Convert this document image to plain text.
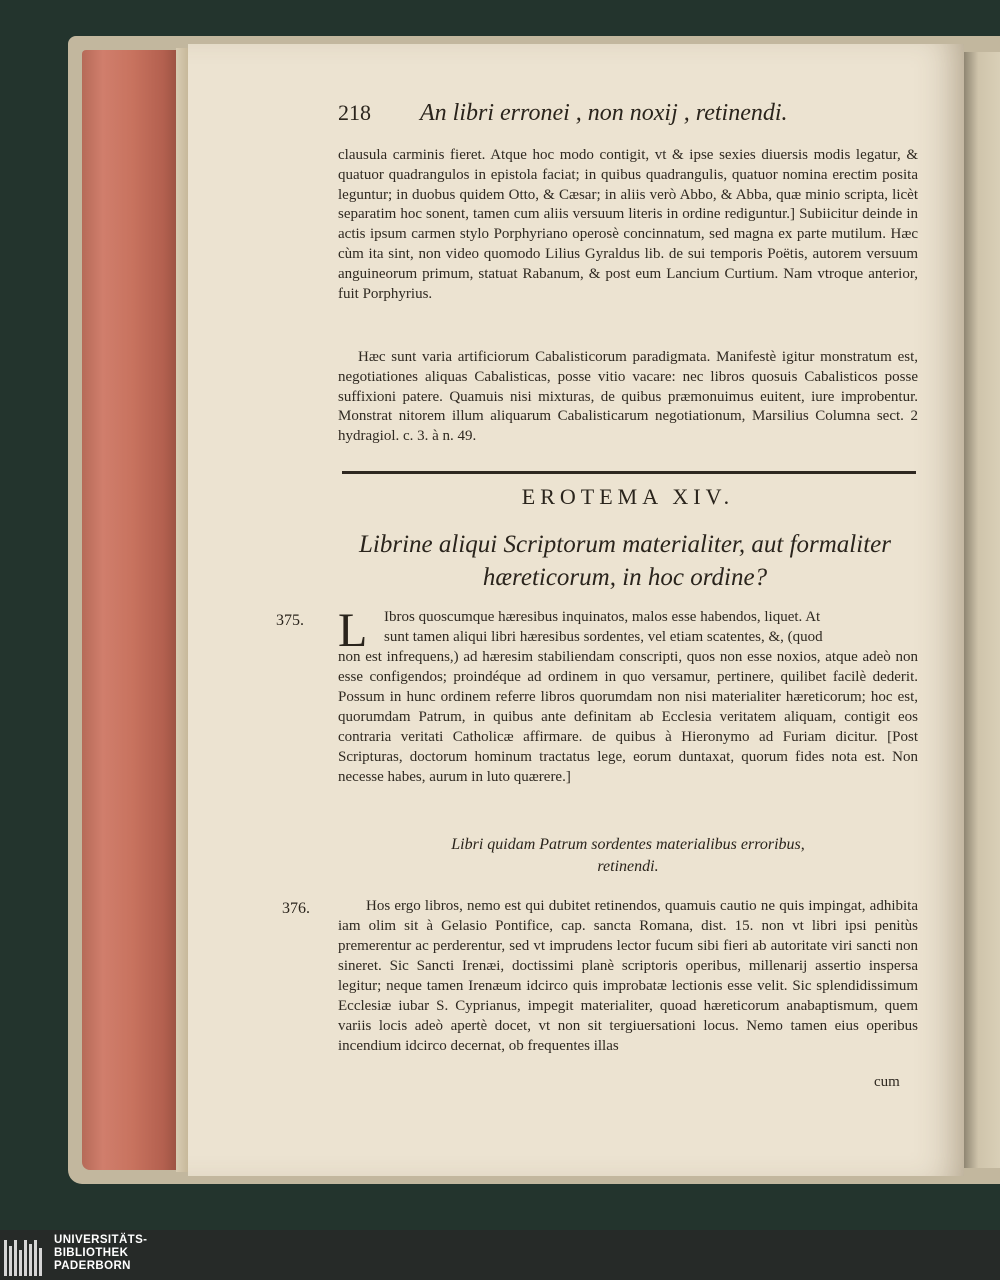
218 An libri erronei , non noxij , retinendi.

clausula carminis fieret. Atque hoc modo contigit, vt & ipse sexies diuersis modis legatur, & quatuor quadrangulos in epistola faciat; in quibus quadrangulis, quatuor nomina erectim posita leguntur; in duobus quidem Otto, & Cæsar; in aliis verò Abbo, & Abba, quæ minio scripta, licèt separatim hoc sonent, tamen cum aliis versuum literis in ordine rediguntur.] Subiicitur deinde in actis ipsum carmen stylo Porphyriano operosè concinnatum, sed magna ex parte mutilum. Hæc cùm ita sint, non video quomodo Lilius Gyraldus lib. de sui temporis Poëtis, autorem versuum anguineorum primum, statuat Rabanum, & post eum Lancium Curtium. Nam vtroque anterior, fuit Porphyrius.

Hæc sunt varia artificiorum Cabalisticorum paradigmata. Manifestè igitur monstratum est, negotiationes aliquas Cabalisticas, posse vitio vacare: nec libros quosuis Cabalisticos posse suffixioni patere. Quamuis nisi mixturas, de quibus præmonuimus euitent, iure improbentur. Monstrat nitorem illum aliquarum Cabalisticarum negotiationum, Marsilius Columna sect. 2 hydragiol. c. 3. à n. 49.

EROTEMA XIV.
Librine aliqui Scriptorum materialiter, aut formaliter
hæreticorum, in hoc ordine?
375. L Ibros quoscumque hæresibus inquinatos, malos esse habendos, liquet. At
sunt tamen aliqui libri hæresibus sordentes, vel etiam scatentes, &, (quod

non est infrequens,) ad hæresim stabiliendam conscripti, quos non esse noxios, atque adeò non esse configendos; proindéque ad ordinem in quo versamur, pertinere, quilibet facilè dederit. Possum in hunc ordinem referre libros quorumdam non nisi materialiter hæreticorum; hoc est, quorumdam Patrum, in quibus ante definitam ab Ecclesia veritatem aliquam, contigit eos contraria veritati Catholicæ affirmare. de quibus à Hieronymo ad Furiam dicitur. [Post Scripturas, doctorum hominum tractatus lege, eorum duntaxat, quorum fides nota est. Non necesse habes, aurum in luto quærere.]

Libri quidam Patrum sordentes materialibus erroribus,
retinendi.
376.	Hos ergo libros, nemo est qui dubitet retinendos, quamuis cautio ne quis impingat, adhibita iam olim sit à Gelasio Pontifice, cap. sancta Romana, dist. 15. non vt libri ipsi penitùs premerentur ac perderentur, sed vt imprudens lector fucum sibi fieri ab autoritate viri sancti non sineret. Sic Sancti Irenæi, doctissimi planè scriptoris operibus, millenarij assertio inspersa legitur; neque tamen Irenæum idcirco quis improbatæ lectionis esse velit. Sic splendidissimum Ecclesiæ iubar S. Cyprianus, impegit materialiter, quoad hæreticorum anabaptismum, quem variis locis adeò apertè docet, vt non sit tergiuersationi locus. Nemo tamen eius operibus incendium idcirco decernat, ob frequentes illas

cum
UNIVERSITÄTS-
BIBLIOTHEK
PADERBORN
